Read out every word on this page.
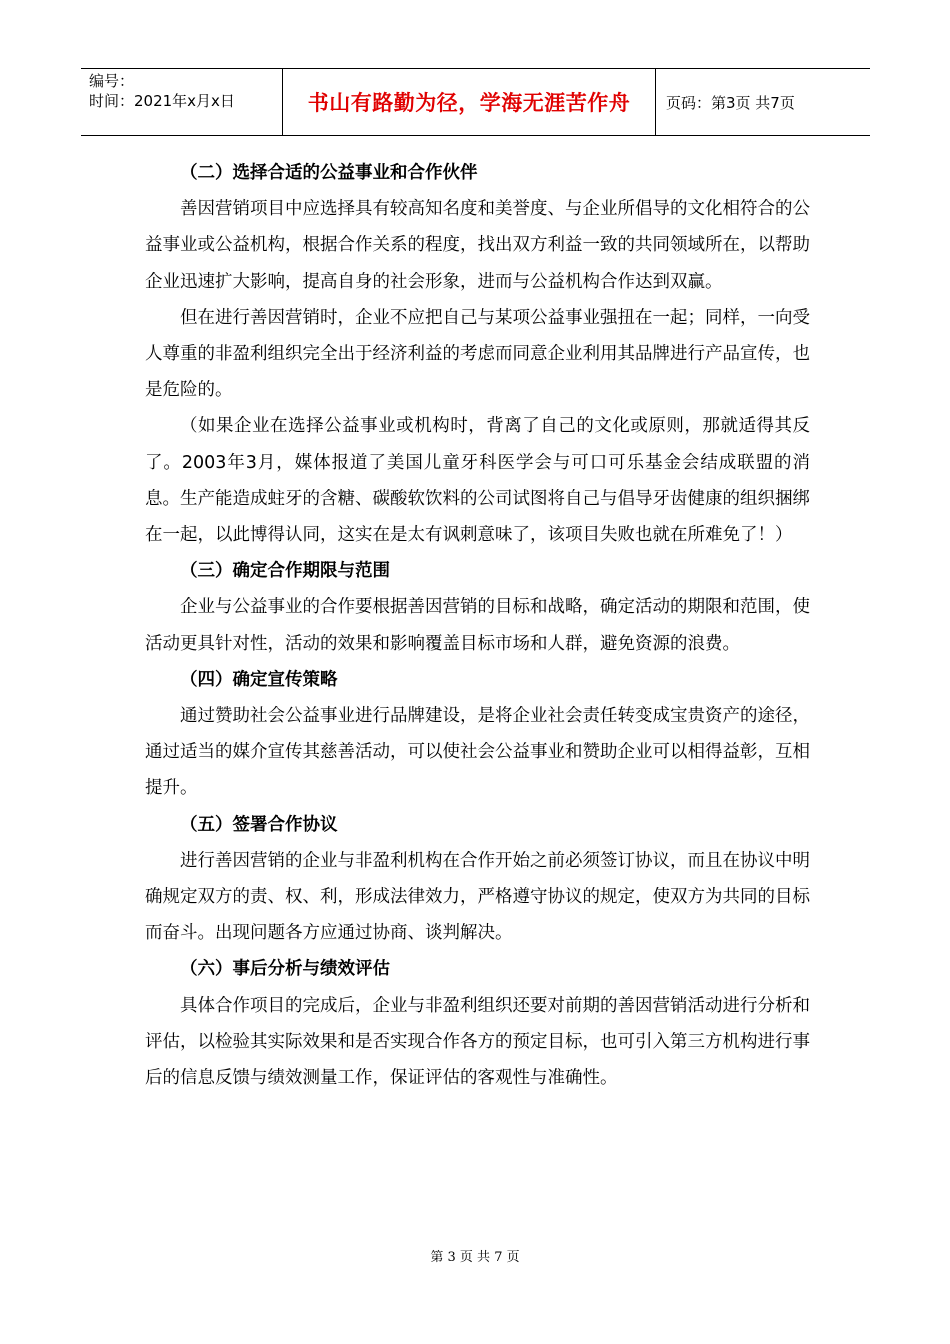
编号：
时间：2021年x月x日	书山有路勤为径，学海无涯苦作舟	页码：第3页 共7页
（二）选择合适的公益事业和合作伙伴

善因营销项目中应选择具有较高知名度和美誉度、与企业所倡导的文化相符合的公益事业或公益机构，根据合作关系的程度，找出双方利益一致的共同领域所在，以帮助企业迅速扩大影响，提高自身的社会形象，进而与公益机构合作达到双赢。

但在进行善因营销时，企业不应把自己与某项公益事业强扭在一起；同样，一向受人尊重的非盈利组织完全出于经济利益的考虑而同意企业利用其品牌进行产品宣传，也是危险的。

（如果企业在选择公益事业或机构时，背离了自己的文化或原则，那就适得其反了。2003年3月，媒体报道了美国儿童牙科医学会与可口可乐基金会结成联盟的消息。生产能造成蛀牙的含糖、碳酸软饮料的公司试图将自己与倡导牙齿健康的组织捆绑在一起，以此博得认同，这实在是太有讽刺意味了，该项目失败也就在所难免了！）

（三）确定合作期限与范围

企业与公益事业的合作要根据善因营销的目标和战略，确定活动的期限和范围，使活动更具针对性，活动的效果和影响覆盖目标市场和人群，避免资源的浪费。

（四）确定宣传策略

通过赞助社会公益事业进行品牌建设，是将企业社会责任转变成宝贵资产的途径，通过适当的媒介宣传其慈善活动，可以使社会公益事业和赞助企业可以相得益彰，互相提升。

（五）签署合作协议

进行善因营销的企业与非盈利机构在合作开始之前必须签订协议，而且在协议中明确规定双方的责、权、利，形成法律效力，严格遵守协议的规定，使双方为共同的目标而奋斗。出现问题各方应通过协商、谈判解决。

（六）事后分析与绩效评估

具体合作项目的完成后，企业与非盈利组织还要对前期的善因营销活动进行分析和评估，以检验其实际效果和是否实现合作各方的预定目标，也可引入第三方机构进行事后的信息反馈与绩效测量工作，保证评估的客观性与准确性。

第 3 页 共 7 页
